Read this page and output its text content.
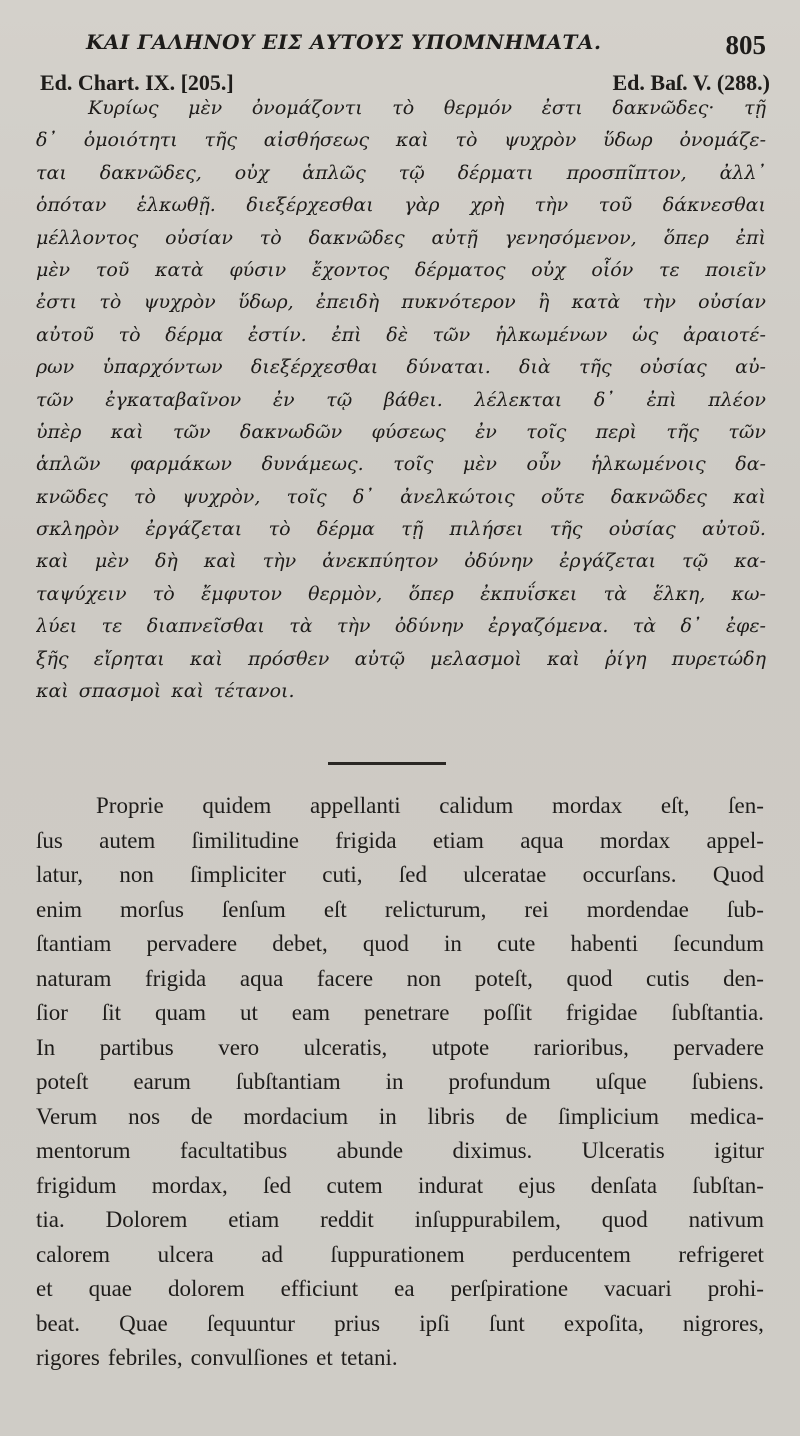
ΚΑΙ ΓΑΛΗΝΟΥ ΕΙΣ ΑΥΤΟΥΣ ΥΠΟΜΝΗΜΑΤΑ.	805
Ed. Chart. IX. [205.]	Ed. Baſ. V. (288.)
Κυρίως μὲν ὀνομάζοντι τὸ θερμόν ἐστι δακνῶδες· τῇ
δ᾽ ὁμοιότητι τῆς αἰσθήσεως καὶ τὸ ψυχρὸν ὕδωρ ὀνομάζε-
ται δακνῶδες, οὐχ ἁπλῶς τῷ δέρματι προσπῖπτον, ἀλλ᾽
ὁπόταν ἑλκωθῇ. διεξέρχεσθαι γὰρ χρὴ τὴν τοῦ δάκνεσθαι
μέλλοντος οὐσίαν τὸ δακνῶδες αὐτῇ γενησόμενον, ὅπερ ἐπὶ
μὲν τοῦ κατὰ φύσιν ἔχοντος δέρματος οὐχ οἷόν τε ποιεῖν
ἐστι τὸ ψυχρὸν ὕδωρ, ἐπειδὴ πυκνότερον ἢ κατὰ τὴν οὐσίαν
αὐτοῦ τὸ δέρμα ἐστίν. ἐπὶ δὲ τῶν ἡλκωμένων ὡς ἀραιοτέ-
ρων ὑπαρχόντων διεξέρχεσθαι δύναται. διὰ τῆς οὐσίας αὐ-
τῶν ἐγκαταβαῖνον ἐν τῷ βάθει. λέλεκται δ᾽ ἐπὶ πλέον
ὑπὲρ καὶ τῶν δακνωδῶν φύσεως ἐν τοῖς περὶ τῆς τῶν
ἁπλῶν φαρμάκων δυνάμεως. τοῖς μὲν οὖν ἡλκωμένοις δα-
κνῶδες τὸ ψυχρὸν, τοῖς δ᾽ ἀνελκώτοις οὔτε δακνῶδες καὶ
σκληρὸν ἐργάζεται τὸ δέρμα τῇ πιλήσει τῆς οὐσίας αὐτοῦ.
καὶ μὲν δὴ καὶ τὴν ἀνεκπύητον ὀδύνην ἐργάζεται τῷ κα-
ταψύχειν τὸ ἔμφυτον θερμὸν, ὅπερ ἐκπυΐσκει τὰ ἕλκη, κω-
λύει τε διαπνεῖσθαι τὰ τὴν ὀδύνην ἐργαζόμενα. τὰ δ᾽ ἐφε-
ξῆς εἴρηται καὶ πρόσθεν αὐτῷ μελασμοὶ καὶ ῥίγη πυρετώδη
καὶ σπασμοὶ καὶ τέτανοι.
Proprie quidem appellanti calidum mordax eſt, ſen-
ſus autem ſimilitudine frigida etiam aqua mordax appel-
latur, non ſimpliciter cuti, ſed ulceratae occurſans. Quod
enim morſus ſenſum eſt relicturum, rei mordendae ſub-
ſtantiam pervadere debet, quod in cute habenti ſecundum
naturam frigida aqua facere non poteſt, quod cutis den-
ſior ſit quam ut eam penetrare poſſit frigidae ſubſtantia.
In partibus vero ulceratis, utpote rarioribus, pervadere
poteſt earum ſubſtantiam in profundum uſque ſubiens.
Verum nos de mordacium in libris de ſimplicium medica-
mentorum facultatibus abunde diximus. Ulceratis igitur
frigidum mordax, ſed cutem indurat ejus denſata ſubſtan-
tia. Dolorem etiam reddit inſuppurabilem, quod nativum
calorem ulcera ad ſuppurationem perducentem refrigeret
et quae dolorem efficiunt ea perſpiratione vacuari prohi-
beat. Quae ſequuntur prius ipſi ſunt expoſita, nigrores,
rigores febriles, convulſiones et tetani.
